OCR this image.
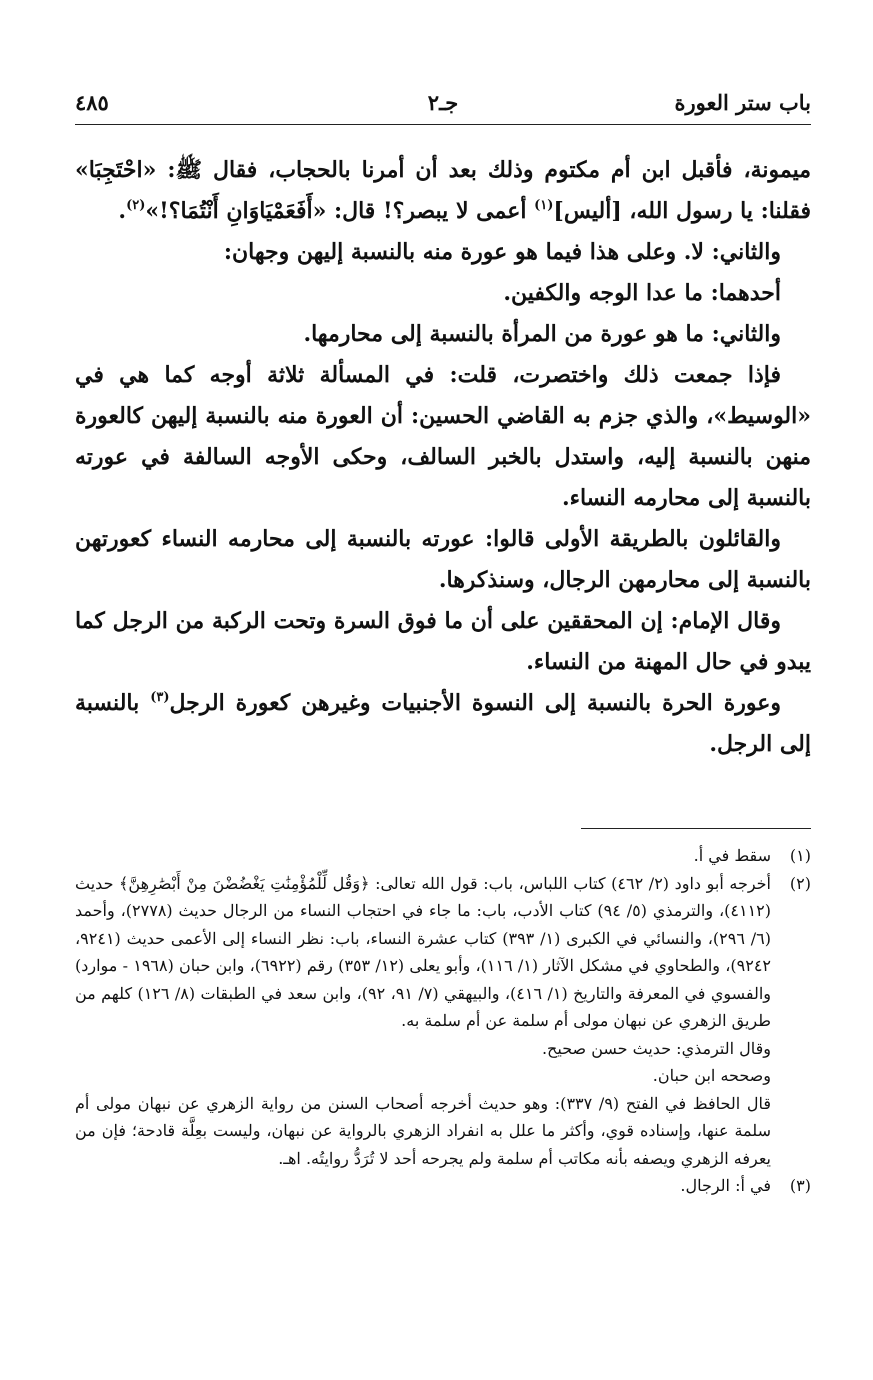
باب ستر العورة
جـ٢
٤٨٥

ميمونة، فأقبل ابن أم مكتوم وذلك بعد أن أمرنا بالحجاب، فقال ﷺ: «احْتَجِبَا» فقلنا: يا رسول الله، [أليس]$^{(١)}$ أعمى لا يبصر؟! قال: «أَفَعَمْيَاوَانِ أَنْتُمَا؟!»$^{(٢)}$.

والثاني: لا. وعلى هذا فيما هو عورة منه بالنسبة إليهن وجهان:

أحدهما: ما عدا الوجه والكفين.

والثاني: ما هو عورة من المرأة بالنسبة إلى محارمها.

فإذا جمعت ذلك واختصرت، قلت: في المسألة ثلاثة أوجه كما هي في «الوسيط»، والذي جزم به القاضي الحسين: أن العورة منه بالنسبة إليهن كالعورة منهن بالنسبة إليه، واستدل بالخبر السالف، وحكى الأوجه السالفة في عورته بالنسبة إلى محارمه النساء.

والقائلون بالطريقة الأولى قالوا: عورته بالنسبة إلى محارمه النساء كعورتهن بالنسبة إلى محارمهن الرجال، وسنذكرها.

وقال الإمام: إن المحققين على أن ما فوق السرة وتحت الركبة من الرجل كما يبدو في حال المهنة من النساء.

وعورة الحرة بالنسبة إلى النسوة الأجنبيات وغيرهن كعورة الرجل$^{(٣)}$ بالنسبة إلى الرجل.

(١)

سقط في أ.

(٢)

أخرجه أبو داود (٢/ ٤٦٢) كتاب اللباس، باب: قول الله تعالى: ﴿وَقُل لِّلْمُؤْمِنَٰتِ يَغْضُضْنَ مِنْ أَبْصَٰرِهِنَّ﴾ حديث (٤١١٢)، والترمذي (٥/ ٩٤) كتاب الأدب، باب: ما جاء في احتجاب النساء من الرجال حديث (٢٧٧٨)، وأحمد (٦/ ٢٩٦)، والنسائي في الكبرى (١/ ٣٩٣) كتاب عشرة النساء، باب: نظر النساء إلى الأعمى حديث (٩٢٤١، ٩٢٤٢)، والطحاوي في مشكل الآثار (١/ ١١٦)، وأبو يعلى (١٢/ ٣٥٣) رقم (٦٩٢٢)، وابن حبان (١٩٦٨ - موارد) والفسوي في المعرفة والتاريخ (١/ ٤١٦)، والبيهقي (٧/ ٩١، ٩٢)، وابن سعد في الطبقات (٨/ ١٢٦) كلهم من طريق الزهري عن نبهان مولى أم سلمة عن أم سلمة به.

وقال الترمذي: حديث حسن صحيح.

وصححه ابن حبان.

قال الحافظ في الفتح (٩/ ٣٣٧): وهو حديث أخرجه أصحاب السنن من رواية الزهري عن نبهان مولى أم سلمة عنها، وإسناده قوي، وأكثر ما علل به انفراد الزهري بالرواية عن نبهان، وليست بعِلَّة قادحة؛ فإن من يعرفه الزهري ويصفه بأنه مكاتب أم سلمة ولم يجرحه أحد لا تُرَدُّ روايتُه. اهـ.

(٣)

في أ: الرجال.
